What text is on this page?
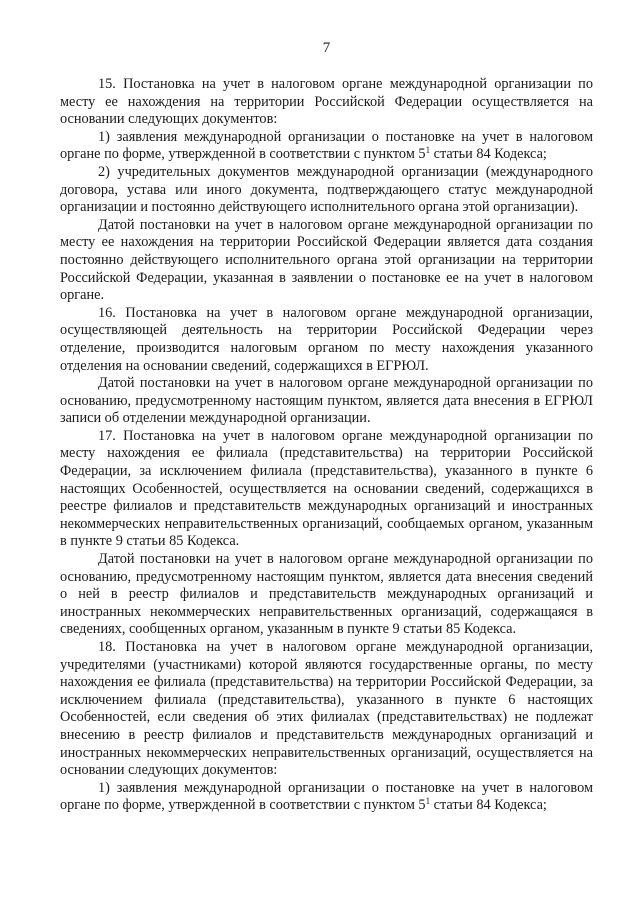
7

15. Постановка на учет в налоговом органе международной организации по месту ее нахождения на территории Российской Федерации осуществляется на основании следующих документов:

1) заявления международной организации о постановке на учет в налоговом органе по форме, утвержденной в соответствии с пунктом $5^1$ статьи 84 Кодекса;

2) учредительных документов международной организации (международного договора, устава или иного документа, подтверждающего статус международной организации и постоянно действующего исполнительного органа этой организации).

Датой постановки на учет в налоговом органе международной организации по месту ее нахождения на территории Российской Федерации является дата создания постоянно действующего исполнительного органа этой организации на территории Российской Федерации, указанная в заявлении о постановке ее на учет в налоговом органе.

16. Постановка на учет в налоговом органе международной организации, осуществляющей деятельность на территории Российской Федерации через отделение, производится налоговым органом по месту нахождения указанного отделения на основании сведений, содержащихся в ЕГРЮЛ.

Датой постановки на учет в налоговом органе международной организации по основанию, предусмотренному настоящим пунктом, является дата внесения в ЕГРЮЛ записи об отделении международной организации.

17. Постановка на учет в налоговом органе международной организации по месту нахождения ее филиала (представительства) на территории Российской Федерации, за исключением филиала (представительства), указанного в пункте 6 настоящих Особенностей, осуществляется на основании сведений, содержащихся в реестре филиалов и представительств международных организаций и иностранных некоммерческих неправительственных организаций, сообщаемых органом, указанным в пункте 9 статьи 85 Кодекса.

Датой постановки на учет в налоговом органе международной организации по основанию, предусмотренному настоящим пунктом, является дата внесения сведений о ней в реестр филиалов и представительств международных организаций и иностранных некоммерческих неправительственных организаций, содержащаяся в сведениях, сообщенных органом, указанным в пункте 9 статьи 85 Кодекса.

18. Постановка на учет в налоговом органе международной организации, учредителями (участниками) которой являются государственные органы, по месту нахождения ее филиала (представительства) на территории Российской Федерации, за исключением филиала (представительства), указанного в пункте 6 настоящих Особенностей, если сведения об этих филиалах (представительствах) не подлежат внесению в реестр филиалов и представительств международных организаций и иностранных некоммерческих неправительственных организаций, осуществляется на основании следующих документов:

1) заявления международной организации о постановке на учет в налоговом органе по форме, утвержденной в соответствии с пунктом $5^1$ статьи 84 Кодекса;
